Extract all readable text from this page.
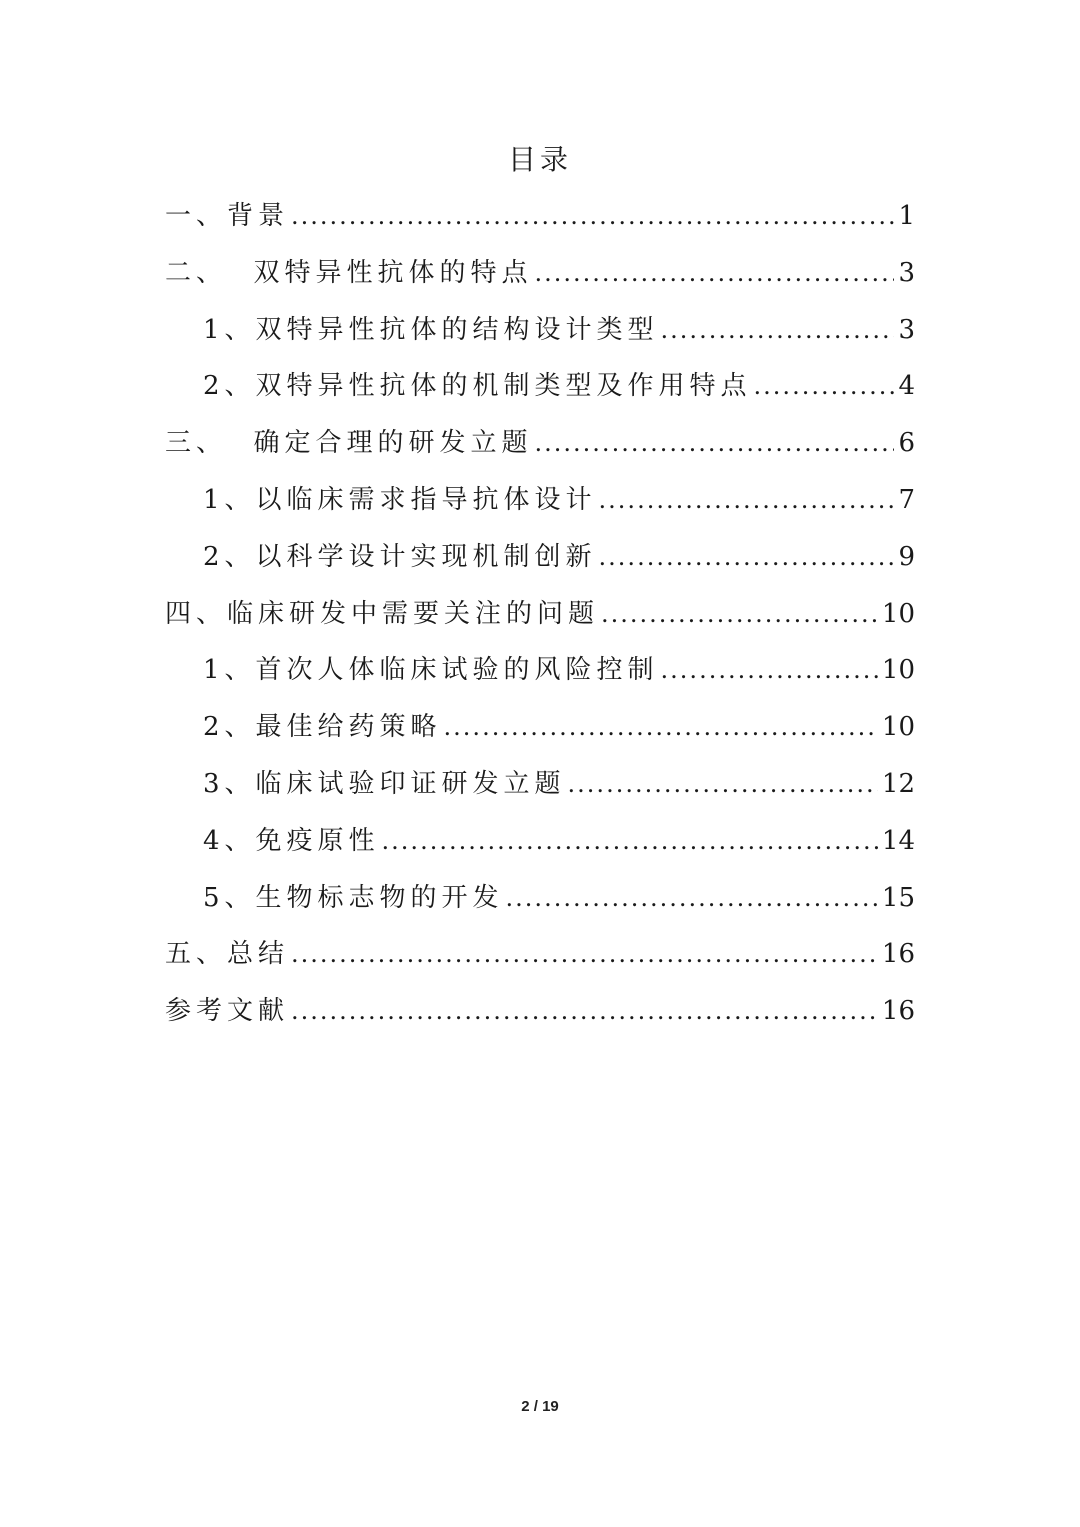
目录
一、背景 .....	1
二、  双特异性抗体的特点 .....	3
1、双特异性抗体的结构设计类型 .....	3
2、双特异性抗体的机制类型及作用特点 .....	4
三、  确定合理的研发立题 .....	6
1、以临床需求指导抗体设计 .....	7
2、以科学设计实现机制创新 .....	9
四、临床研发中需要关注的问题 .....	10
1、首次人体临床试验的风险控制 .....	10
2、最佳给药策略 .....	10
3、临床试验印证研发立题 .....	12
4、免疫原性 .....	14
5、生物标志物的开发 .....	15
五、总结 .....	16
参考文献 .....	16
2 / 19
